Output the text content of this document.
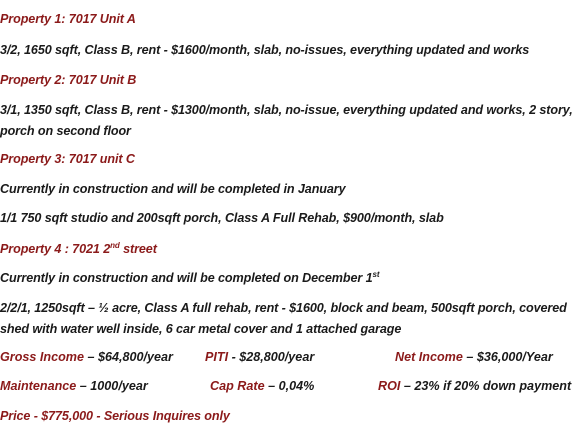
Property 1: 7017 Unit A
3/2, 1650 sqft, Class B, rent - $1600/month, slab, no-issues, everything updated and works
Property 2: 7017 Unit B
3/1, 1350 sqft, Class B, rent - $1300/month, slab, no-issue, everything updated and works, 2 story, porch on second floor
Property 3: 7017 unit C
Currently in construction and will be completed in January
1/1 750 sqft studio and 200sqft porch, Class A Full Rehab, $900/month, slab
Property 4 : 7021 2nd street
Currently in construction and will be completed on December 1st
2/2/1, 1250sqft – ½ acre, Class A full rehab, rent - $1600, block and beam, 500sqft porch, covered shed with water well inside, 6 car metal cover and 1 attached garage
Gross Income – $64,800/year	PITI - $28,800/year	Net Income – $36,000/Year
Maintenance – 1000/year	Cap Rate – 0,04%	ROI – 23% if 20% down payment
Price - $775,000 - Serious Inquires only
